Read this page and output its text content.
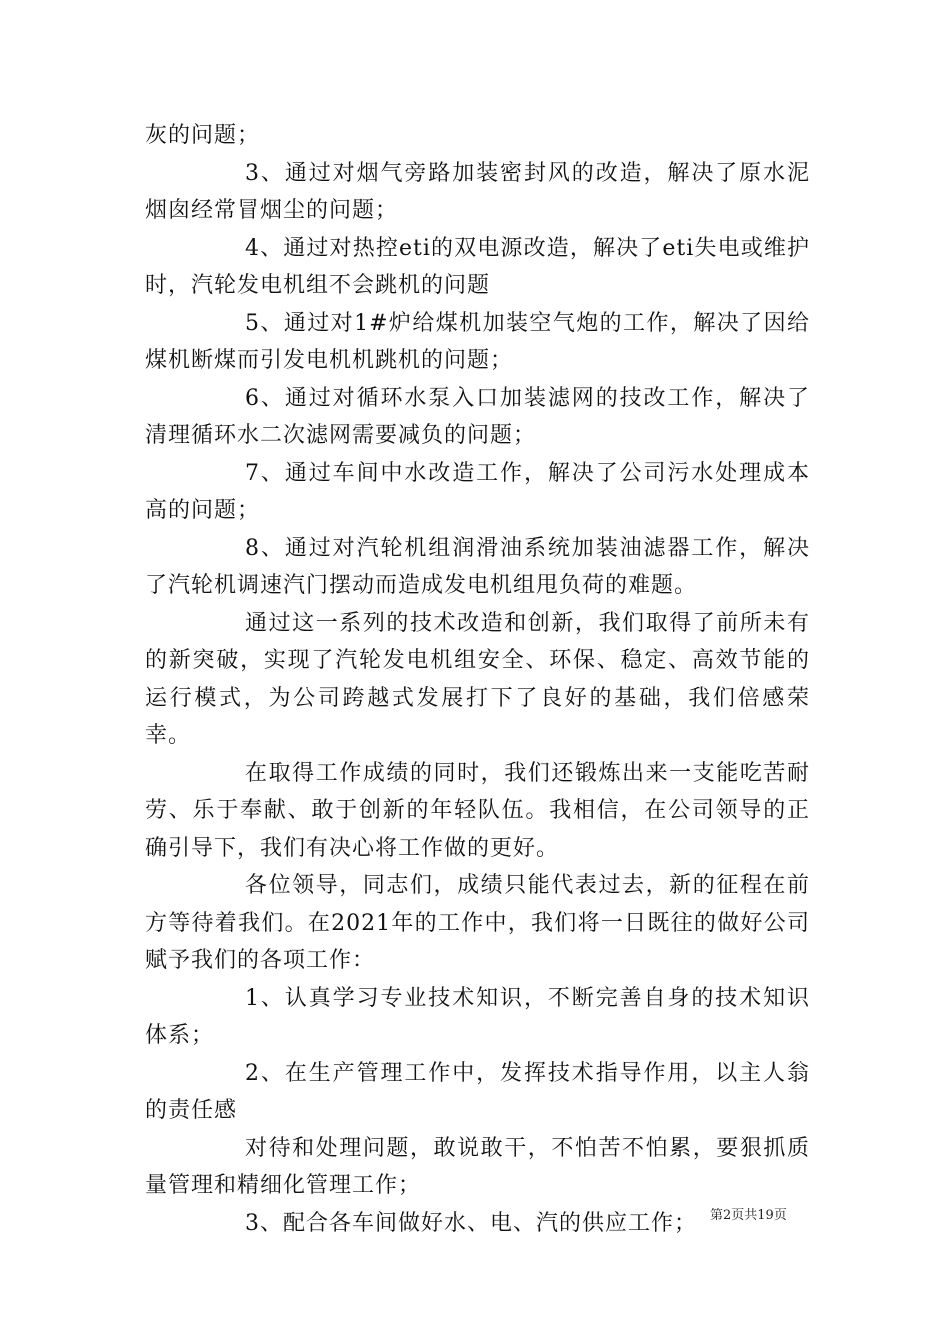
灰的问题；

3、通过对烟气旁路加装密封风的改造，解决了原水泥烟囱经常冒烟尘的问题；

4、通过对热控eti的双电源改造，解决了eti失电或维护时，汽轮发电机组不会跳机的问题

5、通过对1#炉给煤机加装空气炮的工作，解决了因给煤机断煤而引发电机机跳机的问题；

6、通过对循环水泵入口加装滤网的技改工作，解决了清理循环水二次滤网需要减负的问题；

7、通过车间中水改造工作，解决了公司污水处理成本高的问题；

8、通过对汽轮机组润滑油系统加装油滤器工作，解决了汽轮机调速汽门摆动而造成发电机组甩负荷的难题。

通过这一系列的技术改造和创新，我们取得了前所未有的新突破，实现了汽轮发电机组安全、环保、稳定、高效节能的运行模式，为公司跨越式发展打下了良好的基础，我们倍感荣幸。

在取得工作成绩的同时，我们还锻炼出来一支能吃苦耐劳、乐于奉献、敢于创新的年轻队伍。我相信，在公司领导的正确引导下，我们有决心将工作做的更好。

各位领导，同志们，成绩只能代表过去，新的征程在前方等待着我们。在2021年的工作中，我们将一日既往的做好公司赋予我们的各项工作：

1、认真学习专业技术知识，不断完善自身的技术知识体系；

2、在生产管理工作中，发挥技术指导作用，以主人翁的责任感

对待和处理问题，敢说敢干，不怕苦不怕累，要狠抓质量管理和精细化管理工作；

3、配合各车间做好水、电、汽的供应工作；	第2页共19页
